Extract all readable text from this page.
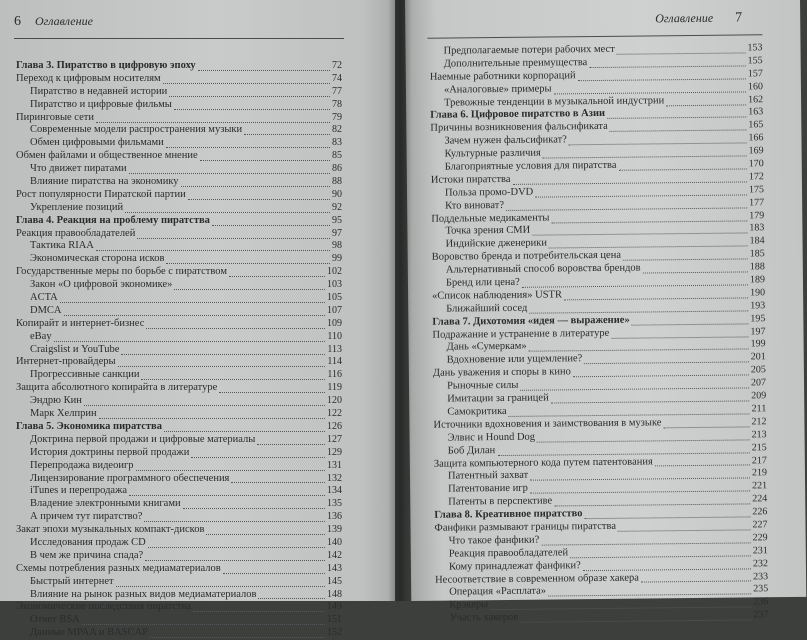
6 Оглавление
Глава 3. Пиратство в цифровую эпоху	72
Переход к цифровым носителям	74
Пиратство в недавней истории	77
Пиратство и цифровые фильмы	78
Пиринговые сети	79
Современные модели распространения музыки	82
Обмен цифровыми фильмами	83
Обмен файлами и общественное мнение	85
Что движет пиратами	86
Влияние пиратства на экономику	88
Рост популярности Пиратской партии	90
Укрепление позиций	92
Глава 4. Реакция на проблему пиратства	95
Реакция правообладателей	97
Тактика RIAA	98
Экономическая сторона исков	99
Государственные меры по борьбе с пиратством	102
Закон «О цифровой экономике»	103
ACTA	105
DMCA	107
Копирайт и интернет-бизнес	109
eBay	110
Craigslist и YouTube	113
Интернет-провайдеры	114
Прогрессивные санкции	116
Защита абсолютного копирайта в литературе	119
Эндрю Кин	120
Марк Хелприн	122
Глава 5. Экономика пиратства	126
Доктрина первой продажи и цифровые материалы	127
История доктрины первой продажи	129
Перепродажа видеоигр	131
Лицензирование программного обеспечения	132
iTunes и перепродажа	134
Владение электронными книгами	135
А причем тут пиратство?	136
Закат эпохи музыкальных компакт-дисков	139
Исследования продаж CD	140
В чем же причина спада?	142
Схемы потребления разных медиаматериалов	143
Быстрый интернет	145
Влияние на рынок разных видов медиаматериалов	148
Экономические последствия пиратства	149
Отчет BSA	151
Данные MPAA и BASCAP	152
Оглавление 7
Предполагаемые потери рабочих мест	153
Дополнительные преимущества	155
Наемные работники корпораций	157
«Аналоговые» примеры	160
Тревожные тенденции в музыкальной индустрии	162
Глава 6. Цифровое пиратство в Азии	163
Причины возникновения фальсификата	165
Зачем нужен фальсификат?	166
Культурные различия	169
Благоприятные условия для пиратства	170
Истоки пиратства	172
Польза промо-DVD	175
Кто виноват?	177
Поддельные медикаменты	179
Точка зрения СМИ	183
Индийские дженерики	184
Воровство бренда и потребительская цена	185
Альтернативный способ воровства брендов	188
Бренд или цена?	189
«Список наблюдения» USTR	190
Ближайший сосед	193
Глава 7. Дихотомия «идея — выражение»	195
Подражание и устранение в литературе	197
Дань «Сумеркам»	199
Вдохновение или ущемление?	201
Дань уважения и споры в кино	205
Рыночные силы	207
Имитации за границей	209
Самокритика	211
Источники вдохновения и заимствования в музыке	212
Элвис и Hound Dog	213
Боб Дилан	215
Защита компьютерного кода путем патентования	217
Патентный захват	219
Патентование игр	221
Патенты в перспективе	224
Глава 8. Креативное пиратство	226
Фанфики размывают границы пиратства	227
Что такое фанфики?	229
Реакция правообладателей	231
Кому принадлежат фанфики?	232
Несоответствие в современном образе хакера	233
Операция «Расплата»	235
Крэкеры	236
Участь хакеров	237
